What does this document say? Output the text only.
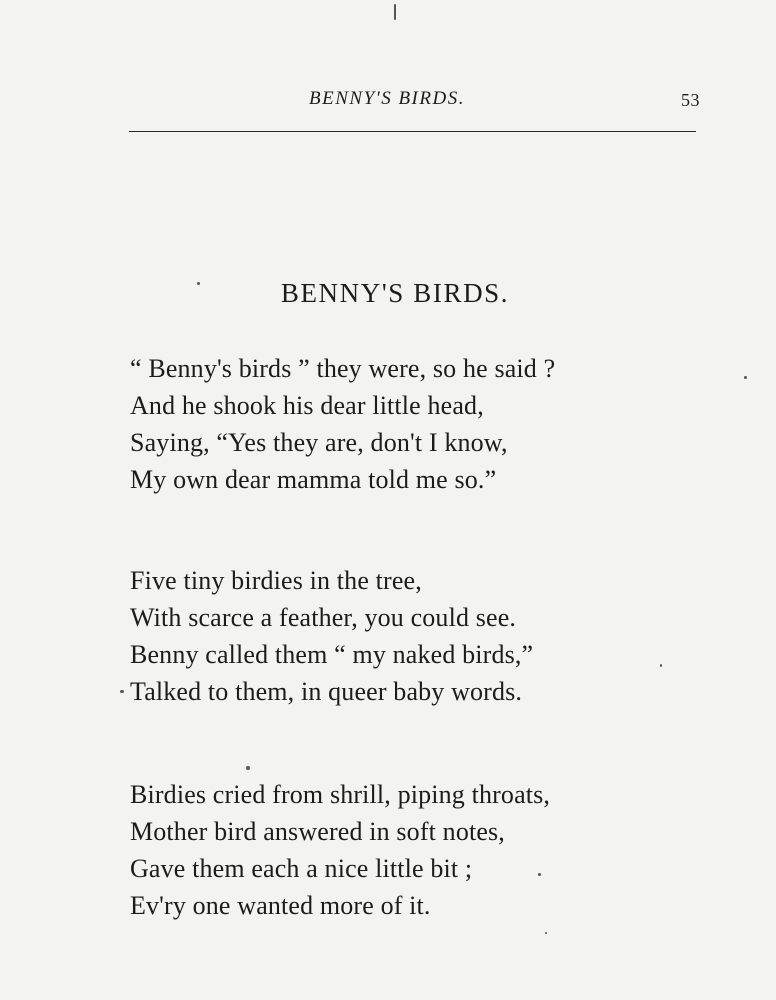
BENNY'S BIRDS.	53
BENNY'S BIRDS.
“ Benny's birds ” they were, so he said ?
And he shook his dear little head,
Saying, “Yes they are, don't I know,
My own dear mamma told me so.”
Five tiny birdies in the tree,
With scarce a feather, you could see.
Benny called them “ my naked birds,”
Talked to them, in queer baby words.
Birdies cried from shrill, piping throats,
Mother bird answered in soft notes,
Gave them each a nice little bit ;
Ev'ry one wanted more of it.
